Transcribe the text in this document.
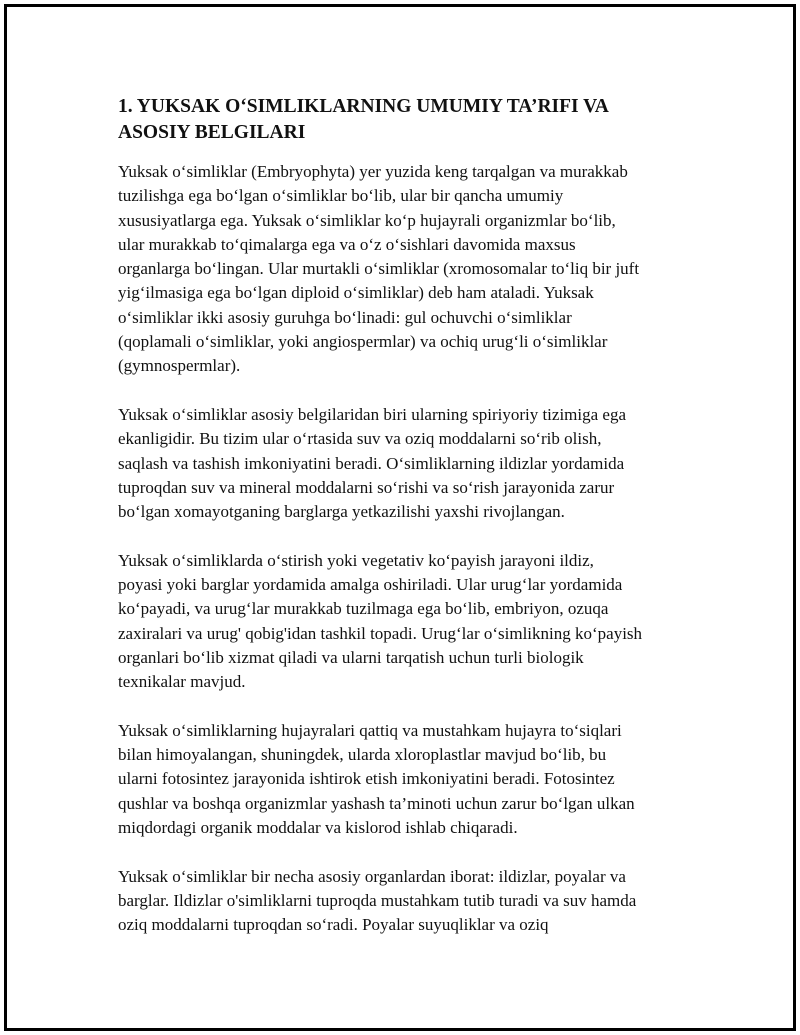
1. YUKSAK O‘SIMLIKLARNING UMUMIY TA’RIFI VA
ASOSIY BELGILARI

Yuksak o‘simliklar (Embryophyta) yer yuzida keng tarqalgan va murakkab
tuzilishga ega bo‘lgan o‘simliklar bo‘lib, ular bir qancha umumiy
xususiyatlarga ega. Yuksak o‘simliklar ko‘p hujayrali organizmlar bo‘lib,
ular murakkab to‘qimalarga ega va o‘z o‘sishlari davomida maxsus
organlarga bo‘lingan. Ular murtakli o‘simliklar (xromosomalar to‘liq bir juft
yig‘ilmasiga ega bo‘lgan diploid o‘simliklar) deb ham ataladi. Yuksak
o‘simliklar ikki asosiy guruhga bo‘linadi: gul ochuvchi o‘simliklar
(qoplamali o‘simliklar, yoki angiospermlar) va ochiq urug‘li o‘simliklar
(gymnospermlar).

Yuksak o‘simliklar asosiy belgilaridan biri ularning spiriyoriy tizimiga ega
ekanligidir. Bu tizim ular o‘rtasida suv va oziq moddalarni so‘rib olish,
saqlash va tashish imkoniyatini beradi. O‘simliklarning ildizlar yordamida
tuproqdan suv va mineral moddalarni so‘rishi va so‘rish jarayonida zarur
bo‘lgan xomayotganing barglarga yetkazilishi yaxshi rivojlangan.

Yuksak o‘simliklarda o‘stirish yoki vegetativ ko‘payish jarayoni ildiz,
poyasi yoki barglar yordamida amalga oshiriladi. Ular urug‘lar yordamida
ko‘payadi, va urug‘lar murakkab tuzilmaga ega bo‘lib, embriyon, ozuqa
zaxiralari va urug' qobig'idan tashkil topadi. Urug‘lar o‘simlikning ko‘payish
organlari bo‘lib xizmat qiladi va ularni tarqatish uchun turli biologik
texnikalar mavjud.

Yuksak o‘simliklarning hujayralari qattiq va mustahkam hujayra to‘siqlari
bilan himoyalangan, shuningdek, ularda xloroplastlar mavjud bo‘lib, bu
ularni fotosintez jarayonida ishtirok etish imkoniyatini beradi. Fotosintez
qushlar va boshqa organizmlar yashash ta’minoti uchun zarur bo‘lgan ulkan
miqdordagi organik moddalar va kislorod ishlab chiqaradi.

Yuksak o‘simliklar bir necha asosiy organlardan iborat: ildizlar, poyalar va
barglar. Ildizlar o'simliklarni tuproqda mustahkam tutib turadi va suv hamda
oziq moddalarni tuproqdan so‘radi. Poyalar suyuqliklar va oziq
